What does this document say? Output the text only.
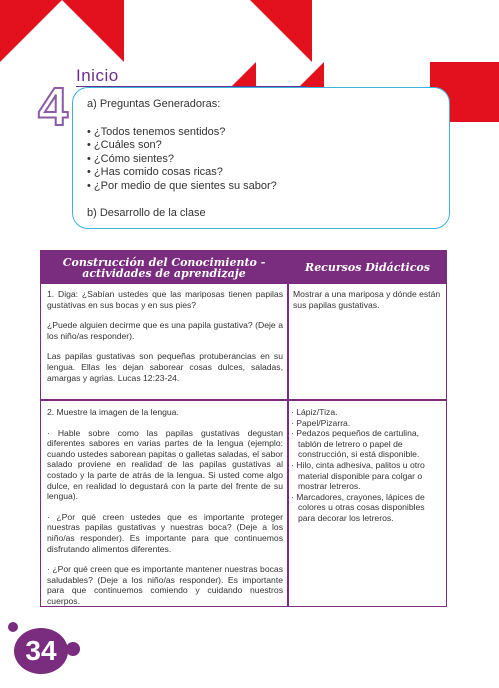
4
Inicio
a) Preguntas Generadoras:
• ¿Todos tenemos sentidos?
• ¿Cuáles son?
• ¿Cómo sientes?
• ¿Has comido cosas ricas?
• ¿Por medio de que sientes su sabor?
b) Desarrollo de la clase
Construcción del Conocimiento -
actividades de aprendizaje	Recursos Didácticos

1. Diga: ¿Sabían ustedes que las mariposas tienen papilas gustativas en sus bocas y en sus pies?

¿Puede alguien decirme que es una papila gustativa? (Deje a los niño/as responder).

Las papilas gustativas son pequeñas protuberancias en su lengua. Ellas les dejan saborear cosas dulces, saladas, amargas y agrias. Lucas 12:23-24.

Mostrar a una mariposa y dónde están sus papilas gustativas.

2. Muestre la imagen de la lengua.

· Hable sobre como las papilas gustativas degustan diferentes sabores en varias partes de la lengua (ejemplo: cuando ustedes saborean papitas o galletas saladas, el sabor salado proviene en realidad de las papilas gustativas al costado y la parte de atrás de la lengua. Si usted come algo dulce, en realidad lo degustará con la parte del frente de su lengua).

· ¿Por qué creen ustedes que es importante proteger nuestras papilas gustativas y nuestras boca? (Deje a los niño/as responder). Es importante para que continuemos disfrutando alimentos diferentes.

· ¿Por qué creen que es importante mantener nuestras bocas saludables? (Deje a los niño/as responder). Es importante para que continuemos comiendo y cuidando nuestros cuerpos.

· Lápiz/Tiza.
· Papel/Pizarra.
· Pedazos pequeños de cartulina, tablón de letrero o papel de construcción, si está disponible.
· Hilo, cinta adhesiva, palitos u otro material disponible para colgar o mostrar letreros.
· Marcadores, crayones, lápices de colores u otras cosas disponibles para decorar los letreros.
34
